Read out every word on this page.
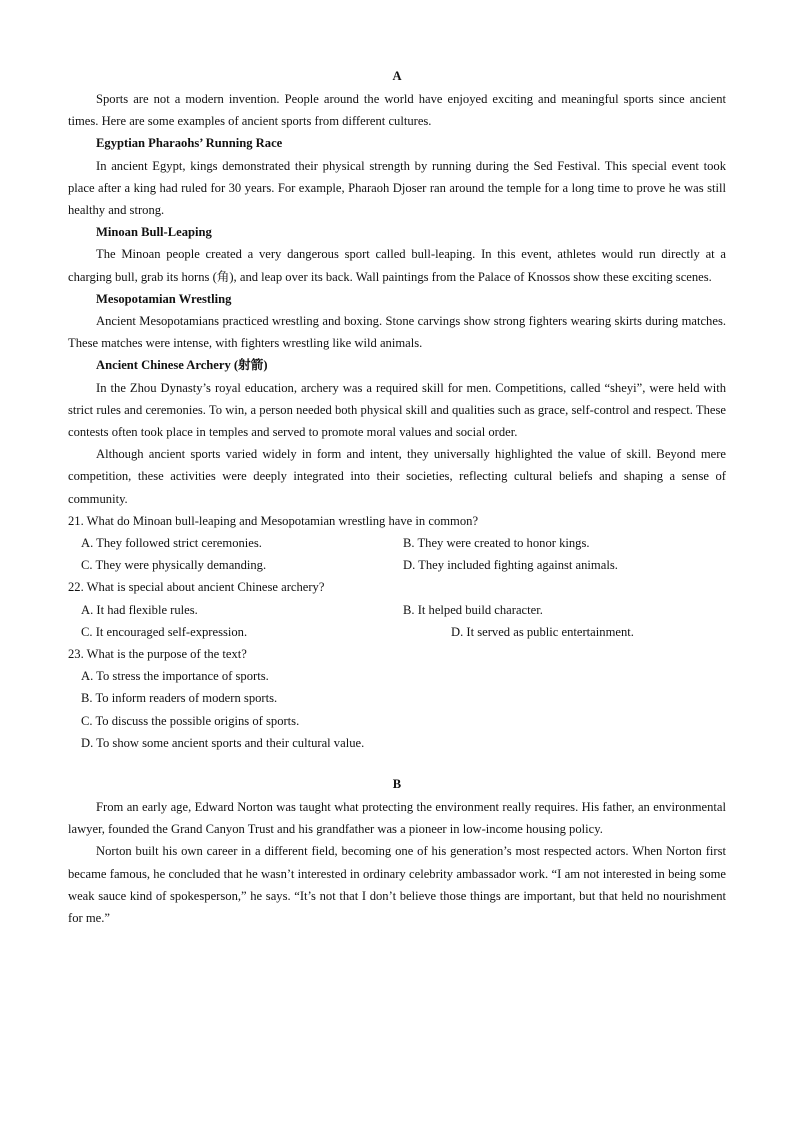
A

Sports are not a modern invention. People around the world have enjoyed exciting and meaningful sports since ancient times. Here are some examples of ancient sports from different cultures.

Egyptian Pharaohs’ Running Race

In ancient Egypt, kings demonstrated their physical strength by running during the Sed Festival. This special event took place after a king had ruled for 30 years. For example, Pharaoh Djoser ran around the temple for a long time to prove he was still healthy and strong.

Minoan Bull-Leaping

The Minoan people created a very dangerous sport called bull-leaping. In this event, athletes would run directly at a charging bull, grab its horns (角), and leap over its back. Wall paintings from the Palace of Knossos show these exciting scenes.

Mesopotamian Wrestling

Ancient Mesopotamians practiced wrestling and boxing. Stone carvings show strong fighters wearing skirts during matches. These matches were intense, with fighters wrestling like wild animals.

Ancient Chinese Archery (射箭)

In the Zhou Dynasty’s royal education, archery was a required skill for men. Competitions, called “sheyi”, were held with strict rules and ceremonies. To win, a person needed both physical skill and qualities such as grace, self-control and respect. These contests often took place in temples and served to promote moral values and social order.

Although ancient sports varied widely in form and intent, they universally highlighted the value of skill. Beyond mere competition, these activities were deeply integrated into their societies, reflecting cultural beliefs and shaping a sense of community.

21. What do Minoan bull-leaping and Mesopotamian wrestling have in common?

A. They followed strict ceremonies.	B. They were created to honor kings.
C. They were physically demanding.	D. They included fighting against animals.

22. What is special about ancient Chinese archery?

A. It had flexible rules.	B. It helped build character.
C. It encouraged self-expression.	D. It served as public entertainment.

23. What is the purpose of the text?

A. To stress the importance of sports.

B. To inform readers of modern sports.

C. To discuss the possible origins of sports.

D. To show some ancient sports and their cultural value.

B

From an early age, Edward Norton was taught what protecting the environment really requires. His father, an environmental lawyer, founded the Grand Canyon Trust and his grandfather was a pioneer in low-income housing policy.

Norton built his own career in a different field, becoming one of his generation’s most respected actors. When Norton first became famous, he concluded that he wasn’t interested in ordinary celebrity ambassador work. “I am not interested in being some weak sauce kind of spokesperson,” he says. “It’s not that I don’t believe those things are important, but that held no nourishment for me.”
